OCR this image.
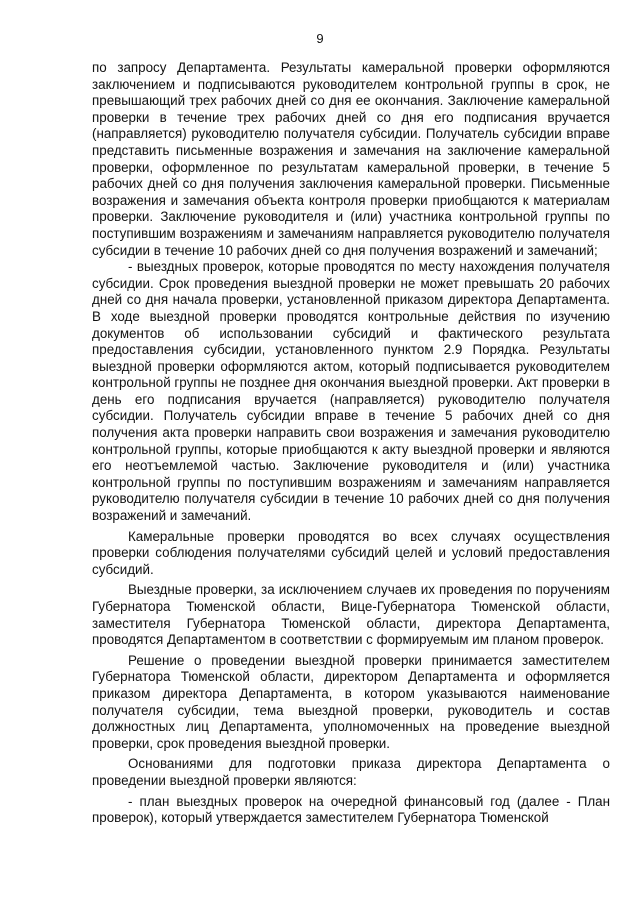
9

по запросу Департамента. Результаты камеральной проверки оформляются заключением и подписываются руководителем контрольной группы в срок, не превышающий трех рабочих дней со дня ее окончания. Заключение камеральной проверки в течение трех рабочих дней со дня его подписания вручается (направляется) руководителю получателя субсидии. Получатель субсидии вправе представить письменные возражения и замечания на заключение камеральной проверки, оформленное по результатам камеральной проверки, в течение 5 рабочих дней со дня получения заключения камеральной проверки. Письменные возражения и замечания объекта контроля проверки приобщаются к материалам проверки. Заключение руководителя и (или) участника контрольной группы по поступившим возражениям и замечаниям направляется руководителю получателя субсидии в течение 10 рабочих дней со дня получения возражений и замечаний;

- выездных проверок, которые проводятся по месту нахождения получателя субсидии. Срок проведения выездной проверки не может превышать 20 рабочих дней со дня начала проверки, установленной приказом директора Департамента. В ходе выездной проверки проводятся контрольные действия по изучению документов об использовании субсидий и фактического результата предоставления субсидии, установленного пунктом 2.9 Порядка. Результаты выездной проверки оформляются актом, который подписывается руководителем контрольной группы не позднее дня окончания выездной проверки. Акт проверки в день его подписания вручается (направляется) руководителю получателя субсидии. Получатель субсидии вправе в течение 5 рабочих дней со дня получения акта проверки направить свои возражения и замечания руководителю контрольной группы, которые приобщаются к акту выездной проверки и являются его неотъемлемой частью. Заключение руководителя и (или) участника контрольной группы по поступившим возражениям и замечаниям направляется руководителю получателя субсидии в течение 10 рабочих дней со дня получения возражений и замечаний.

Камеральные проверки проводятся во всех случаях осуществления проверки соблюдения получателями субсидий целей и условий предоставления субсидий.

Выездные проверки, за исключением случаев их проведения по поручениям Губернатора Тюменской области, Вице-Губернатора Тюменской области, заместителя Губернатора Тюменской области, директора Департамента, проводятся Департаментом в соответствии с формируемым им планом проверок.

Решение о проведении выездной проверки принимается заместителем Губернатора Тюменской области, директором Департамента и оформляется приказом директора Департамента, в котором указываются наименование получателя субсидии, тема выездной проверки, руководитель и состав должностных лиц Департамента, уполномоченных на проведение выездной проверки, срок проведения выездной проверки.

Основаниями для подготовки приказа директора Департамента о проведении выездной проверки являются:

- план выездных проверок на очередной финансовый год (далее - План проверок), который утверждается заместителем Губернатора Тюменской
